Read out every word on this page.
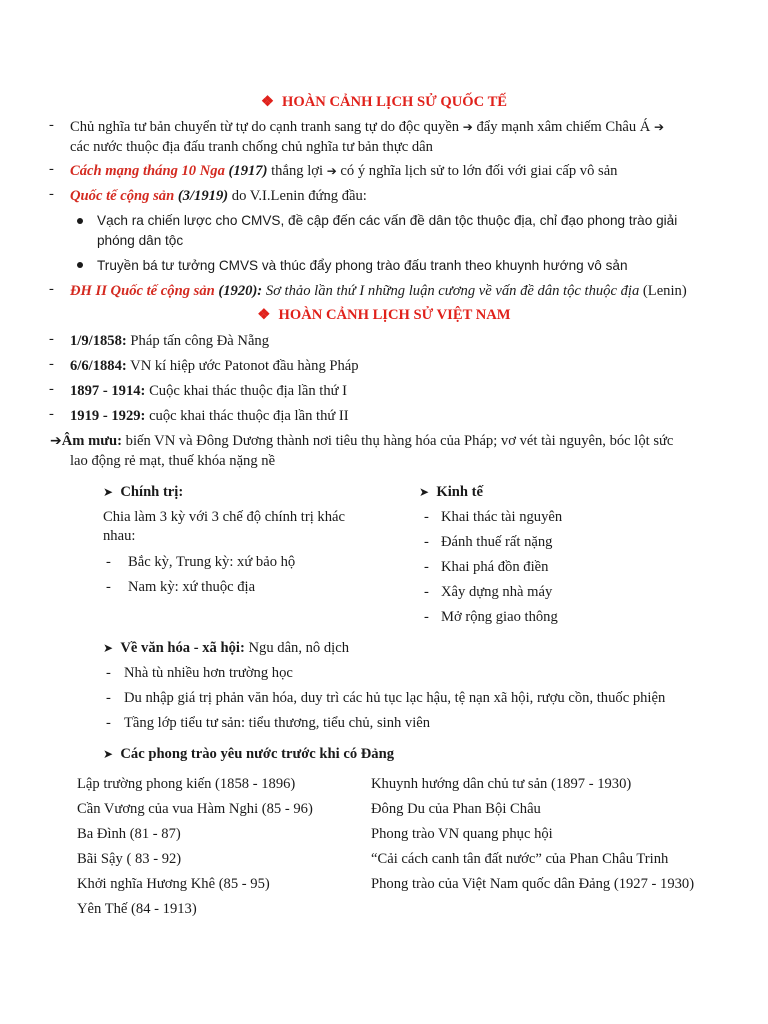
❖ HOÀN CẢNH LỊCH SỬ QUỐC TẾ
- Chủ nghĩa tư bản chuyển từ tự do cạnh tranh sang tự do độc quyền ➔ đẩy mạnh xâm chiếm Châu Á ➔
các nước thuộc địa đấu tranh chống chủ nghĩa tư bản thực dân
- Cách mạng tháng 10 Nga (1917) thắng lợi ➔ có ý nghĩa lịch sử to lớn đối với giai cấp vô sản
- Quốc tế cộng sản (3/1919) do V.I.Lenin đứng đầu:
Vạch ra chiến lược cho CMVS, đề cập đến các vấn đề dân tộc thuộc địa, chỉ đạo phong trào giải
phóng dân tộc
Truyền bá tư tưởng CMVS và thúc đẩy phong trào đấu tranh theo khuynh hướng vô sản
- ĐH II Quốc tế cộng sản (1920): Sơ thảo lần thứ I những luận cương về vấn đề dân tộc thuộc địa (Lenin)
❖ HOÀN CẢNH LỊCH SỬ VIỆT NAM
- 1/9/1858: Pháp tấn công Đà Nẵng
- 6/6/1884: VN kí hiệp ước Patonot đầu hàng Pháp
- 1897 - 1914: Cuộc khai thác thuộc địa lần thứ I
- 1919 - 1929: cuộc khai thác thuộc địa lần thứ II
➔Âm mưu: biến VN và Đông Dương thành nơi tiêu thụ hàng hóa của Pháp; vơ vét tài nguyên, bóc lột sức
lao động rẻ mạt, thuế khóa nặng nề
➤ Chính trị:
Chia làm 3 kỳ với 3 chế độ chính trị khác
nhau:
- Bắc kỳ, Trung kỳ: xứ bảo hộ
- Nam kỳ: xứ thuộc địa
➤ Kinh tế
- Khai thác tài nguyên
- Đánh thuế rất nặng
- Khai phá đồn điền
- Xây dựng nhà máy
- Mở rộng giao thông
➤ Về văn hóa - xã hội: Ngu dân, nô dịch
- Nhà tù nhiều hơn trường học
- Du nhập giá trị phản văn hóa, duy trì các hủ tục lạc hậu, tệ nạn xã hội, rượu cồn, thuốc phiện
- Tầng lớp tiểu tư sản: tiểu thương, tiểu chủ, sinh viên
➤ Các phong trào yêu nước trước khi có Đảng
Lập trường phong kiến (1858 - 1896)
Cần Vương của vua Hàm Nghi (85 - 96)
Ba Đình (81 - 87)
Bãi Sậy ( 83 - 92)
Khởi nghĩa Hương Khê (85 - 95)
Yên Thế (84 - 1913)
Khuynh hướng dân chủ tư sản (1897 - 1930)
Đông Du của Phan Bội Châu
Phong trào VN quang phục hội
“Cải cách canh tân đất nước” của Phan Châu Trinh
Phong trào của Việt Nam quốc dân Đảng (1927 - 1930)
